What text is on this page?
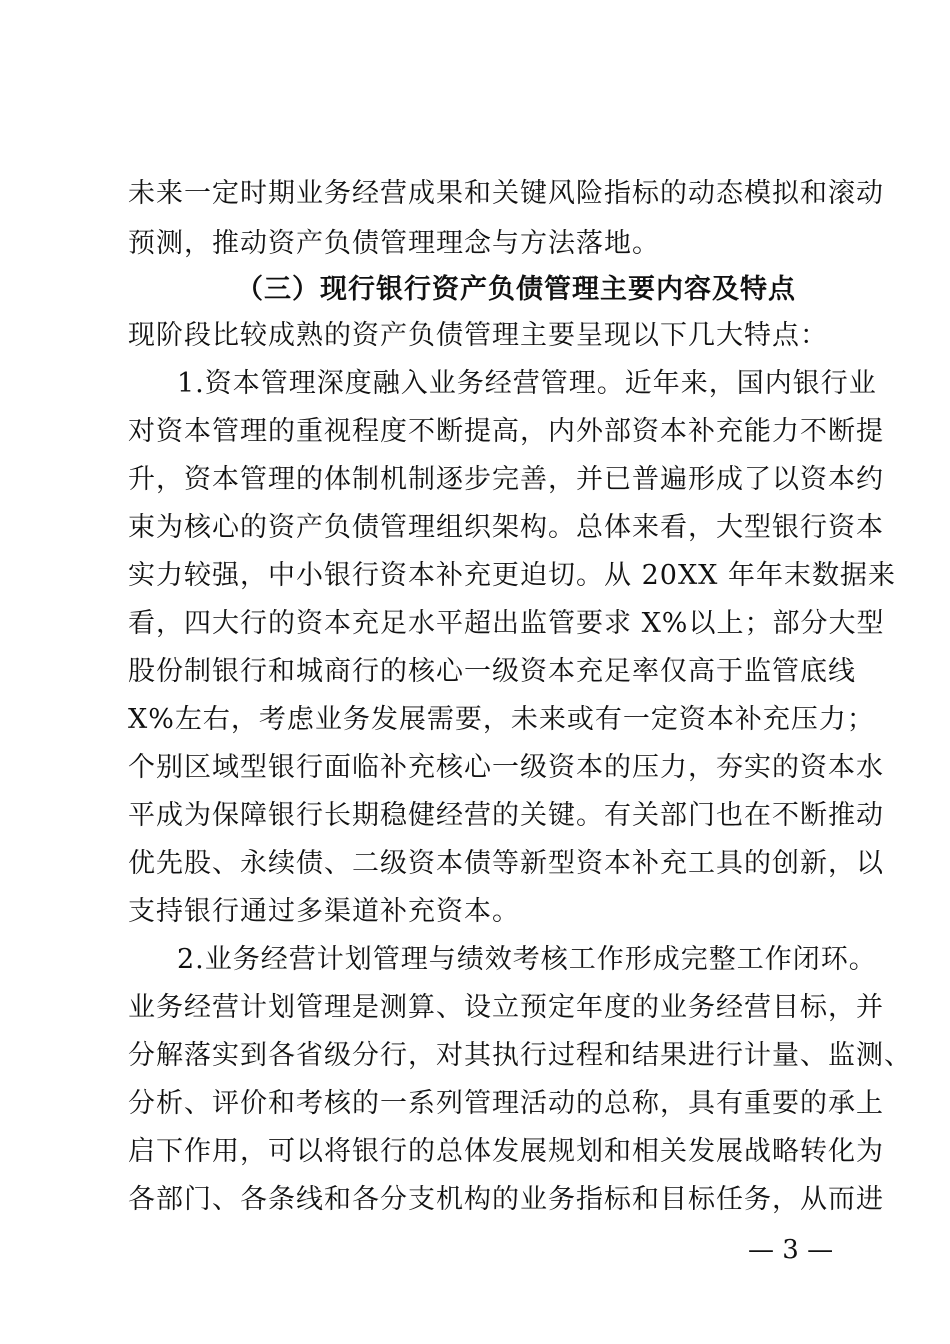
未来一定时期业务经营成果和关键风险指标的动态模拟和滚动
预测，推动资产负债管理理念与方法落地。
（三）现行银行资产负债管理主要内容及特点
现阶段比较成熟的资产负债管理主要呈现以下几大特点：
1.资本管理深度融入业务经营管理。近年来，国内银行业
对资本管理的重视程度不断提高，内外部资本补充能力不断提
升，资本管理的体制机制逐步完善，并已普遍形成了以资本约
束为核心的资产负债管理组织架构。总体来看，大型银行资本
实力较强，中小银行资本补充更迫切。从 20XX 年年末数据来
看，四大行的资本充足水平超出监管要求 X%以上；部分大型
股份制银行和城商行的核心一级资本充足率仅高于监管底线
X%左右，考虑业务发展需要，未来或有一定资本补充压力；
个别区域型银行面临补充核心一级资本的压力，夯实的资本水
平成为保障银行长期稳健经营的关键。有关部门也在不断推动
优先股、永续债、二级资本债等新型资本补充工具的创新，以
支持银行通过多渠道补充资本。
2.业务经营计划管理与绩效考核工作形成完整工作闭环。
业务经营计划管理是测算、设立预定年度的业务经营目标，并
分解落实到各省级分行，对其执行过程和结果进行计量、监测、
分析、评价和考核的一系列管理活动的总称，具有重要的承上
启下作用，可以将银行的总体发展规划和相关发展战略转化为
各部门、各条线和各分支机构的业务指标和目标任务，从而进
— 3 —
